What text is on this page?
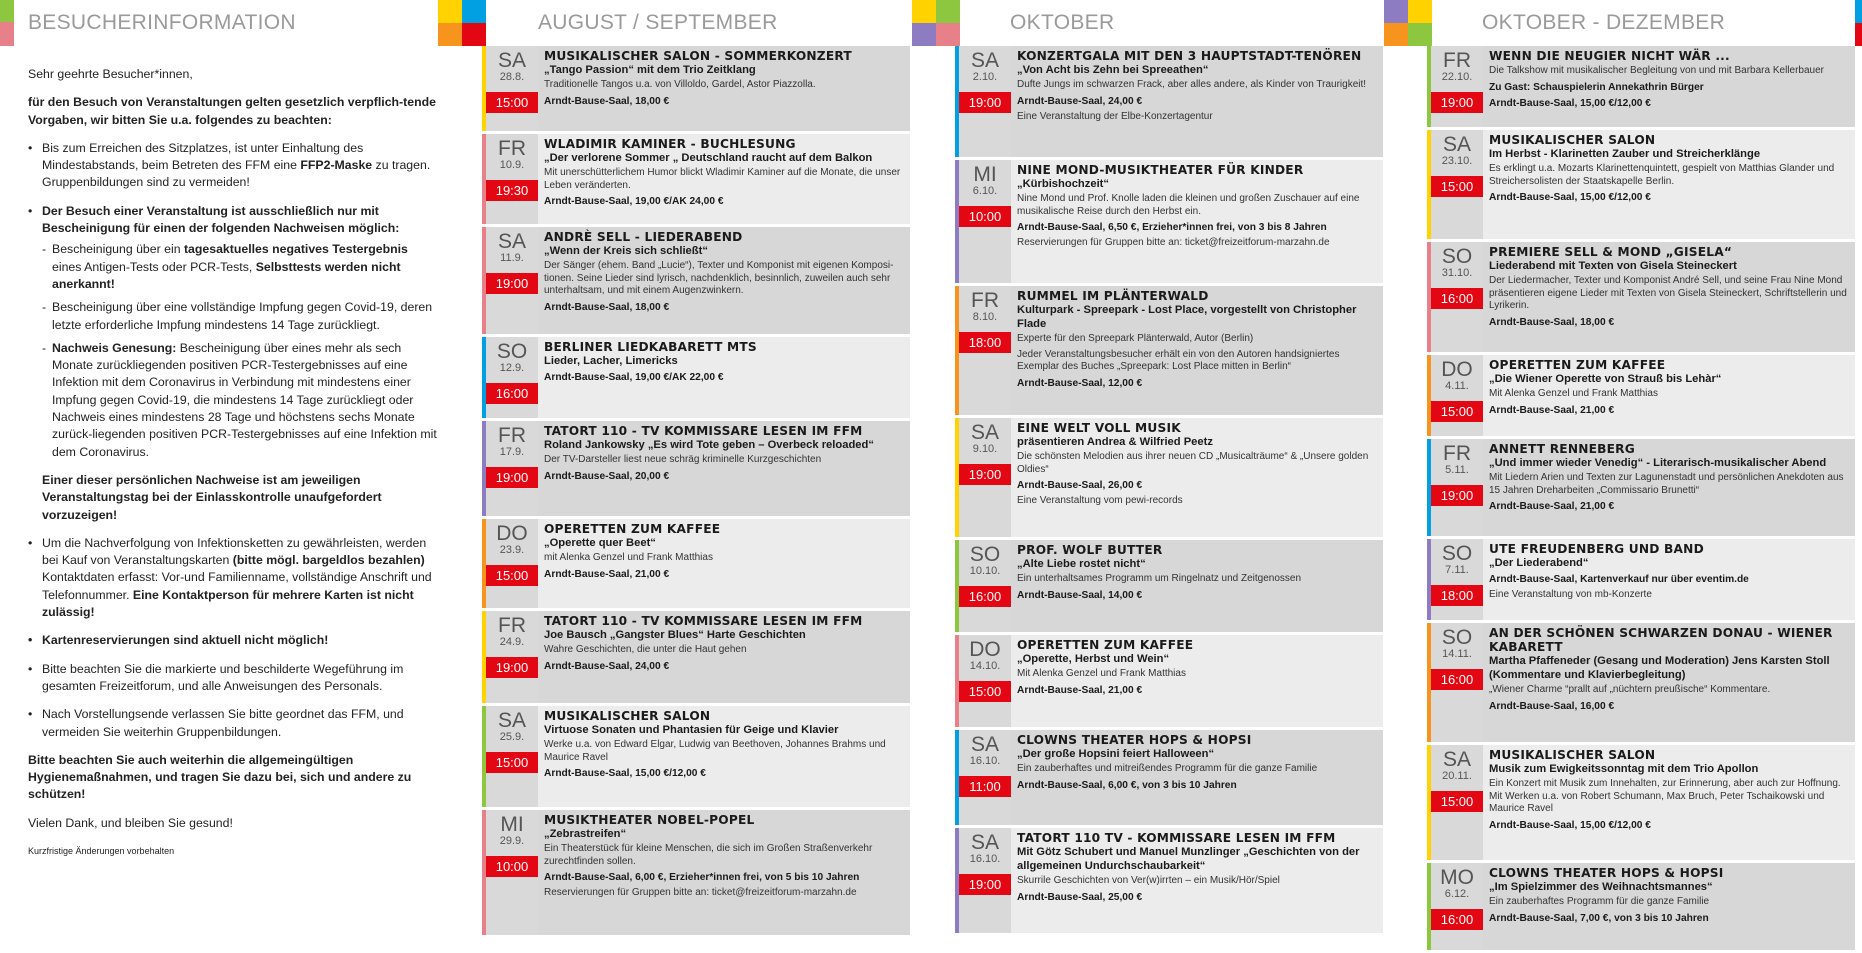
BESUCHERINFORMATION	AUGUST / SEPTEMBER	OKTOBER	OKTOBER - DEZEMBER

Sehr geehrte Besucher*innen,

für den Besuch von Veranstaltungen gelten gesetzlich verpflich-tende Vorgaben, wir bitten Sie u.a. folgendes zu beachten:

• Bis zum Erreichen des Sitzplatzes, ist unter Einhaltung des Mindestabstands, beim Betreten des FFM eine FFP2-Maske zu tragen. Gruppenbildungen sind zu vermeiden!
• Der Besuch einer Veranstaltung ist ausschließlich nur mit Bescheinigung für einen der folgenden Nachweisen möglich:
- Bescheinigung über ein tagesaktuelles negatives Testergebnis eines Antigen-Tests oder PCR-Tests, Selbsttests werden nicht anerkannt!
- Bescheinigung über eine vollständige Impfung gegen Covid-19, deren letzte erforderliche Impfung mindestens 14 Tage zurückliegt.
- Nachweis Genesung: Bescheinigung über eines mehr als sech Monate zurückliegenden positiven PCR-Testergebnisses auf eine Infektion mit dem Coronavirus in Verbindung mit mindestens einer Impfung gegen Covid-19, die mindestens 14 Tage zurückliegt oder Nachweis eines mindestens 28 Tage und höchstens sechs Monate zurück-liegenden positiven PCR-Testergebnisses auf eine Infektion mit dem Coronavirus.

Einer dieser persönlichen Nachweise ist am jeweiligen Veranstaltungstag bei der Einlasskontrolle unaufgefordert vorzuzeigen!

• Um die Nachverfolgung von Infektionsketten zu gewährleisten, werden bei Kauf von Veranstaltungskarten (bitte mögl. bargeldlos bezahlen) Kontaktdaten erfasst: Vor-und Familienname, vollständige Anschrift und Telefonnummer. Eine Kontaktperson für mehrere Karten ist nicht zulässig!
• Kartenreservierungen sind aktuell nicht möglich!
• Bitte beachten Sie die markierte und beschilderte Wegeführung im gesamten Freizeitforum, und alle Anweisungen des Personals.
• Nach Vorstellungsende verlassen Sie bitte geordnet das FFM, und vermeiden Sie weiterhin Gruppenbildungen.

Bitte beachten Sie auch weiterhin die allgemeingültigen Hygienemaßnahmen, und tragen Sie dazu bei, sich und andere zu schützen!

Vielen Dank, und bleiben Sie gesund!

Kurzfristige Änderungen vorbehalten

SA
28.8.
15:00
MUSIKALISCHER SALON - SOMMERKONZERT
„Tango Passion“ mit dem Trio Zeitklang
Traditionelle Tangos u.a. von Villoldo, Gardel, Astor Piazzolla.
Arndt-Bause-Saal, 18,00 €
FR
10.9.
19:30
WLADIMIR KAMINER - BUCHLESUNG
„Der verlorene Sommer „ Deutschland raucht auf dem Balkon
Mit unerschütterlichem Humor blickt Wladimir Kaminer auf die Monate, die unser Leben veränderten.
Arndt-Bause-Saal, 19,00 €/AK 24,00 €
SA
11.9.
19:00
ANDRÈ SELL - LIEDERABEND
„Wenn der Kreis sich schließt“
Der Sänger (ehem. Band „Lucie“), Texter und Komponist mit eigenen Komposi-tionen. Seine Lieder sind lyrisch, nachdenklich, besinnlich, zuweilen auch sehr unterhaltsam, und mit einem Augenzwinkern.
Arndt-Bause-Saal, 18,00 €
SO
12.9.
16:00
BERLINER LIEDKABARETT MTS
Lieder, Lacher, Limericks
Arndt-Bause-Saal, 19,00 €/AK 22,00 €
FR
17.9.
19:00
TATORT 110 - TV KOMMISSARE LESEN IM FFM
Roland Jankowsky „Es wird Tote geben – Overbeck reloaded“
Der TV-Darsteller liest neue schräg kriminelle Kurzgeschichten
Arndt-Bause-Saal, 20,00 €
DO
23.9.
15:00
OPERETTEN ZUM KAFFEE
„Operette quer Beet“
mit Alenka Genzel und Frank Matthias
Arndt-Bause-Saal, 21,00 €
FR
24.9.
19:00
TATORT 110 - TV KOMMISSARE LESEN IM FFM
Joe Bausch „Gangster Blues“ Harte Geschichten
Wahre Geschichten, die unter die Haut gehen
Arndt-Bause-Saal, 24,00 €
SA
25.9.
15:00
MUSIKALISCHER SALON
Virtuose Sonaten und Phantasien für Geige und Klavier
Werke u.a. von Edward Elgar, Ludwig van Beethoven, Johannes Brahms und Maurice Ravel
Arndt-Bause-Saal, 15,00 €/12,00 €
MI
29.9.
10:00
MUSIKTHEATER NOBEL-POPEL
„Zebrastreifen“
Ein Theaterstück für kleine Menschen, die sich im Großen Straßenverkehr zurechtfinden sollen.
Arndt-Bause-Saal, 6,00 €, Erzieher*innen frei, von 5 bis 10 Jahren
Reservierungen für Gruppen bitte an: ticket@freizeitforum-marzahn.de
SA
2.10.
19:00
KONZERTGALA MIT DEN 3 HAUPTSTADT-TENÖREN
„Von Acht bis Zehn bei Spreeathen“
Dufte Jungs im schwarzen Frack, aber alles andere, als Kinder von Traurigkeit!
Arndt-Bause-Saal, 24,00 €
Eine Veranstaltung der Elbe-Konzertagentur
MI
6.10.
10:00
NINE MOND-MUSIKTHEATER FÜR KINDER
„Kürbishochzeit“
Nine Mond und Prof. Knolle laden die kleinen und großen Zuschauer auf eine musikalische Reise durch den Herbst ein.
Arndt-Bause-Saal, 6,50 €, Erzieher*innen frei, von 3 bis 8 Jahren
Reservierungen für Gruppen bitte an: ticket@freizeitforum-marzahn.de
FR
8.10.
18:00
RUMMEL IM PLÄNTERWALD
Kulturpark - Spreepark - Lost Place, vorgestellt von Christopher Flade
Experte für den Spreepark Plänterwald, Autor (Berlin)
Jeder Veranstaltungsbesucher erhält ein von den Autoren handsigniertes Exemplar des Buches „Spreepark: Lost Place mitten in Berlin“
Arndt-Bause-Saal, 12,00 €
SA
9.10.
19:00
EINE WELT VOLL MUSIK
präsentieren Andrea & Wilfried Peetz
Die schönsten Melodien aus ihrer neuen CD „Musicalträume“ & „Unsere golden Oldies“
Arndt-Bause-Saal, 26,00 €
Eine Veranstaltung vom pewi-records
SO
10.10.
16:00
PROF. WOLF BUTTER
„Alte Liebe rostet nicht“
Ein unterhaltsames Programm um Ringelnatz und Zeitgenossen
Arndt-Bause-Saal, 14,00 €
DO
14.10.
15:00
OPERETTEN ZUM KAFFEE
„Operette, Herbst und Wein“
Mit Alenka Genzel und Frank Matthias
Arndt-Bause-Saal, 21,00 €
SA
16.10.
11:00
CLOWNS THEATER HOPS & HOPSI
„Der große Hopsini feiert Halloween“
Ein zauberhaftes und mitreißendes Programm für die ganze Familie
Arndt-Bause-Saal, 6,00 €, von 3 bis 10 Jahren
SA
16.10.
19:00
TATORT 110 TV - KOMMISSARE LESEN IM FFM
Mit Götz Schubert und Manuel Munzlinger „Geschichten von der allgemeinen Undurchschaubarkeit“
Skurrile Geschichten von Ver(w)irrten – ein Musik/Hör/Spiel
Arndt-Bause-Saal, 25,00 €
FR
22.10.
19:00
WENN DIE NEUGIER NICHT WÄR ...
Die Talkshow mit musikalischer Begleitung von und mit Barbara Kellerbauer
Zu Gast: Schauspielerin Annekathrin Bürger
Arndt-Bause-Saal, 15,00 €/12,00 €
SA
23.10.
15:00
MUSIKALISCHER SALON
Im Herbst - Klarinetten Zauber und Streicherklänge
Es erklingt u.a. Mozarts Klarinettenquintett, gespielt von Matthias Glander und Streichersolisten der Staatskapelle Berlin.
Arndt-Bause-Saal, 15,00 €/12,00 €
SO
31.10.
16:00
PREMIERE SELL & MOND „GISELA“
Liederabend mit Texten von Gisela Steineckert
Der Liedermacher, Texter und Komponist André Sell, und seine Frau Nine Mond präsentieren eigene Lieder mit Texten von Gisela Steineckert, Schriftstellerin und Lyrikerin.
Arndt-Bause-Saal, 18,00 €
DO
4.11.
15:00
OPERETTEN ZUM KAFFEE
„Die Wiener Operette von Strauß bis Lehàr“
Mit Alenka Genzel und Frank Matthias
Arndt-Bause-Saal, 21,00 €
FR
5.11.
19:00
ANNETT RENNEBERG
„Und immer wieder Venedig“ - Literarisch-musikalischer Abend
Mit Liedern Arien und Texten zur Lagunenstadt und persönlichen Anekdoten aus 15 Jahren Dreharbeiten „Commissario Brunetti“
Arndt-Bause-Saal, 21,00 €
SO
7.11.
18:00
UTE FREUDENBERG UND BAND
„Der Liederabend“
Arndt-Bause-Saal, Kartenverkauf nur über eventim.de
Eine Veranstaltung von mb-Konzerte
SO
14.11.
16:00
AN DER SCHÖNEN SCHWARZEN DONAU - WIENER KABARETT
Martha Pfaffeneder (Gesang und Moderation) Jens Karsten Stoll (Kommentare und Klavierbegleitung)
„Wiener Charme “prallt auf „nüchtern preußische“ Kommentare.
Arndt-Bause-Saal, 16,00 €
SA
20.11.
15:00
MUSIKALISCHER SALON
Musik zum Ewigkeitssonntag mit dem Trio Apollon
Ein Konzert mit Musik zum Innehalten, zur Erinnerung, aber auch zur Hoffnung. Mit Werken u.a. von Robert Schumann, Max Bruch, Peter Tschaikowski und Maurice Ravel
Arndt-Bause-Saal, 15,00 €/12,00 €
MO
6.12.
16:00
CLOWNS THEATER HOPS & HOPSI
„Im Spielzimmer des Weihnachtsmannes“
Ein zauberhaftes Programm für die ganze Familie
Arndt-Bause-Saal, 7,00 €, von 3 bis 10 Jahren
